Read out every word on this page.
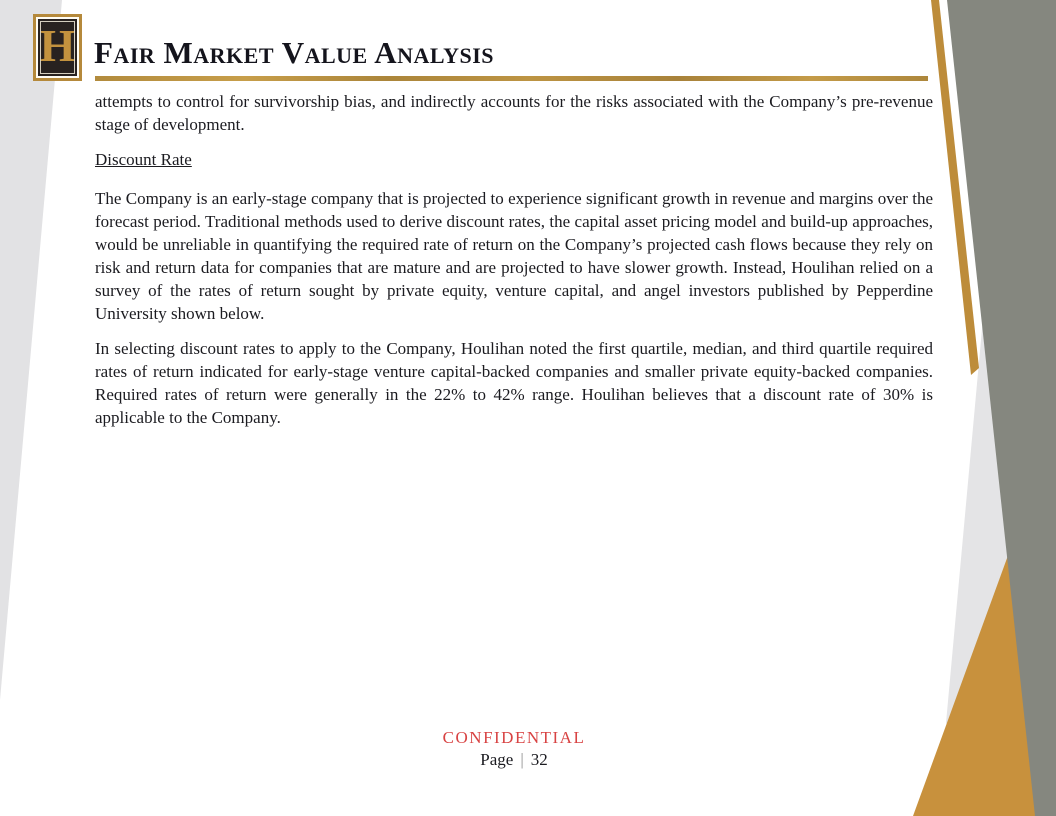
H Fair Market Value Analysis

attempts to control for survivorship bias, and indirectly accounts for the risks associated with the Company’s pre-revenue stage of development.

Discount Rate

The Company is an early-stage company that is projected to experience significant growth in revenue and margins over the forecast period. Traditional methods used to derive discount rates, the capital asset pricing model and build-up approaches, would be unreliable in quantifying the required rate of return on the Company’s projected cash flows because they rely on risk and return data for companies that are mature and are projected to have slower growth. Instead, Houlihan relied on a survey of the rates of return sought by private equity, venture capital, and angel investors published by Pepperdine University shown below.

In selecting discount rates to apply to the Company, Houlihan noted the first quartile, median, and third quartile required rates of return indicated for early-stage venture capital-backed companies and smaller private equity-backed companies. Required rates of return were generally in the 22% to 42% range. Houlihan believes that a discount rate of 30% is applicable to the Company.

CONFIDENTIAL
Page | 32
